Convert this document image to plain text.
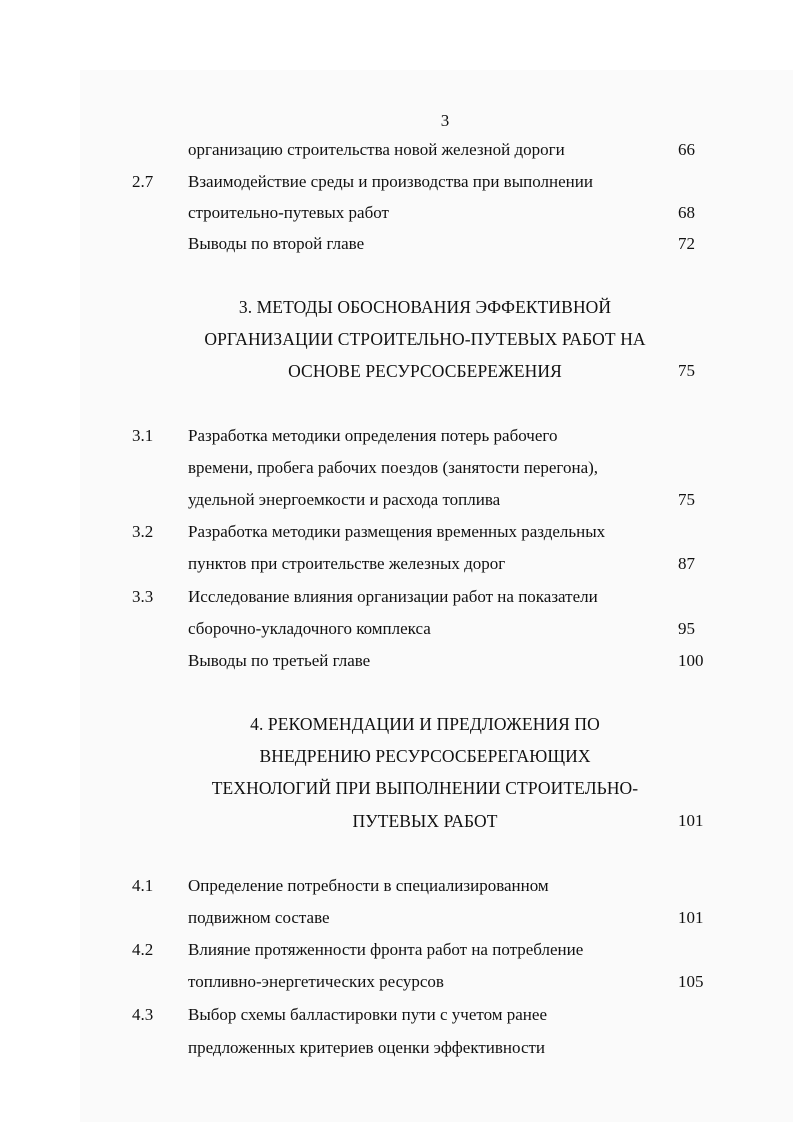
3
организацию строительства новой железной дороги	66
2.7 Взаимодействие среды и производства при выполнении
строительно-путевых работ	68
Выводы по второй главе	72
3. МЕТОДЫ ОБОСНОВАНИЯ ЭФФЕКТИВНОЙ
ОРГАНИЗАЦИИ СТРОИТЕЛЬНО-ПУТЕВЫХ РАБОТ НА
ОСНОВЕ РЕСУРСОСБЕРЕЖЕНИЯ	75
3.1 Разработка методики определения потерь рабочего
времени, пробега рабочих поездов (занятости перегона),
удельной энергоемкости и расхода топлива	75
3.2 Разработка методики размещения временных раздельных
пунктов при строительстве железных дорог	87
3.3 Исследование влияния организации работ на показатели
сборочно-укладочного комплекса	95
Выводы по третьей главе	100
4. РЕКОМЕНДАЦИИ И ПРЕДЛОЖЕНИЯ ПО
ВНЕДРЕНИЮ РЕСУРСОСБЕРЕГАЮЩИХ
ТЕХНОЛОГИЙ ПРИ ВЫПОЛНЕНИИ СТРОИТЕЛЬНО-
ПУТЕВЫХ РАБОТ	101
4.1 Определение потребности в специализированном
подвижном составе	101
4.2 Влияние протяженности фронта работ на потребление
топливно-энергетических ресурсов	105
4.3 Выбор схемы балластировки пути с учетом ранее
предложенных критериев оценки эффективности
